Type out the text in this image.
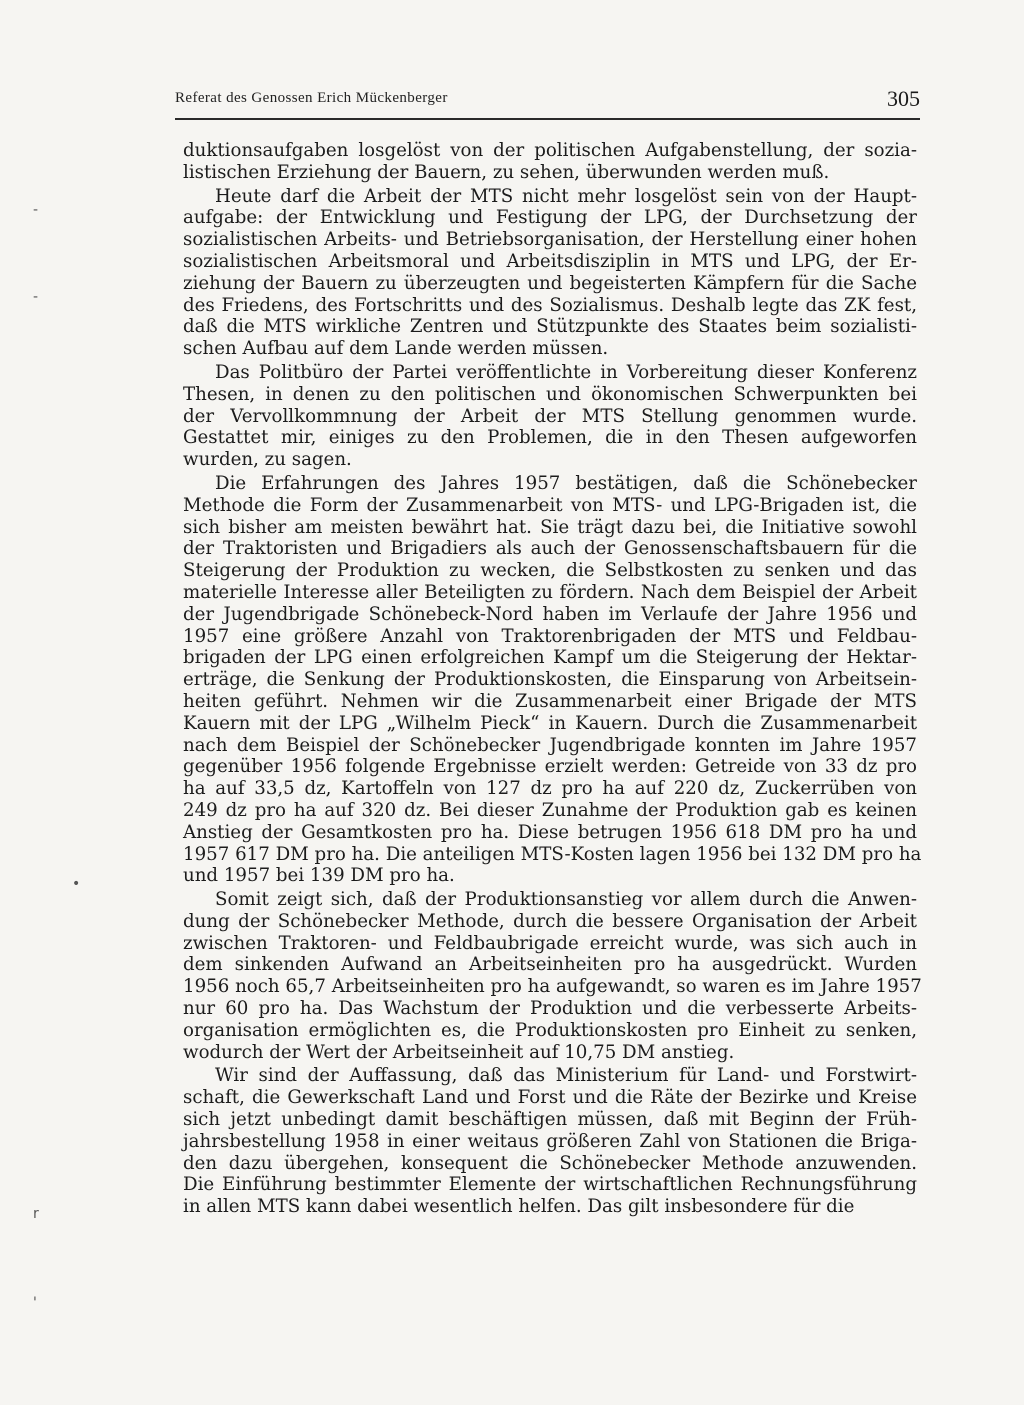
Referat des Genossen Erich Mückenberger	305
-
-
•
r
'
duktionsaufgaben losgelöst von der politischen Aufgabenstellung, der sozia-
listischen Erziehung der Bauern, zu sehen, überwunden werden muß.
Heute darf die Arbeit der MTS nicht mehr losgelöst sein von der Haupt-
aufgabe: der Entwicklung und Festigung der LPG, der Durchsetzung der
sozialistischen Arbeits- und Betriebsorganisation, der Herstellung einer hohen
sozialistischen Arbeitsmoral und Arbeitsdisziplin in MTS und LPG, der Er-
ziehung der Bauern zu überzeugten und begeisterten Kämpfern für die Sache
des Friedens, des Fortschritts und des Sozialismus. Deshalb legte das ZK fest,
daß die MTS wirkliche Zentren und Stützpunkte des Staates beim sozialisti-
schen Aufbau auf dem Lande werden müssen.
Das Politbüro der Partei veröffentlichte in Vorbereitung dieser Konferenz
Thesen, in denen zu den politischen und ökonomischen Schwerpunkten bei
der Vervollkommnung der Arbeit der MTS Stellung genommen wurde.
Gestattet mir, einiges zu den Problemen, die in den Thesen aufgeworfen
wurden, zu sagen.
Die Erfahrungen des Jahres 1957 bestätigen, daß die Schönebecker
Methode die Form der Zusammenarbeit von MTS- und LPG-Brigaden ist, die
sich bisher am meisten bewährt hat. Sie trägt dazu bei, die Initiative sowohl
der Traktoristen und Brigadiers als auch der Genossenschaftsbauern für die
Steigerung der Produktion zu wecken, die Selbstkosten zu senken und das
materielle Interesse aller Beteiligten zu fördern. Nach dem Beispiel der Arbeit
der Jugendbrigade Schönebeck-Nord haben im Verlaufe der Jahre 1956 und
1957 eine größere Anzahl von Traktorenbrigaden der MTS und Feldbau-
brigaden der LPG einen erfolgreichen Kampf um die Steigerung der Hektar-
erträge, die Senkung der Produktionskosten, die Einsparung von Arbeitsein-
heiten geführt. Nehmen wir die Zusammenarbeit einer Brigade der MTS
Kauern mit der LPG „Wilhelm Pieck“ in Kauern. Durch die Zusammenarbeit
nach dem Beispiel der Schönebecker Jugendbrigade konnten im Jahre 1957
gegenüber 1956 folgende Ergebnisse erzielt werden: Getreide von 33 dz pro
ha auf 33,5 dz, Kartoffeln von 127 dz pro ha auf 220 dz, Zuckerrüben von
249 dz pro ha auf 320 dz. Bei dieser Zunahme der Produktion gab es keinen
Anstieg der Gesamtkosten pro ha. Diese betrugen 1956 618 DM pro ha und
1957 617 DM pro ha. Die anteiligen MTS-Kosten lagen 1956 bei 132 DM pro ha
und 1957 bei 139 DM pro ha.
Somit zeigt sich, daß der Produktionsanstieg vor allem durch die Anwen-
dung der Schönebecker Methode, durch die bessere Organisation der Arbeit
zwischen Traktoren- und Feldbaubrigade erreicht wurde, was sich auch in
dem sinkenden Aufwand an Arbeitseinheiten pro ha ausgedrückt. Wurden
1956 noch 65,7 Arbeitseinheiten pro ha aufgewandt, so waren es im Jahre 1957
nur 60 pro ha. Das Wachstum der Produktion und die verbesserte Arbeits-
organisation ermöglichten es, die Produktionskosten pro Einheit zu senken,
wodurch der Wert der Arbeitseinheit auf 10,75 DM anstieg.
Wir sind der Auffassung, daß das Ministerium für Land- und Forstwirt-
schaft, die Gewerkschaft Land und Forst und die Räte der Bezirke und Kreise
sich jetzt unbedingt damit beschäftigen müssen, daß mit Beginn der Früh-
jahrsbestellung 1958 in einer weitaus größeren Zahl von Stationen die Briga-
den dazu übergehen, konsequent die Schönebecker Methode anzuwenden.
Die Einführung bestimmter Elemente der wirtschaftlichen Rechnungsführung
in allen MTS kann dabei wesentlich helfen. Das gilt insbesondere für die
